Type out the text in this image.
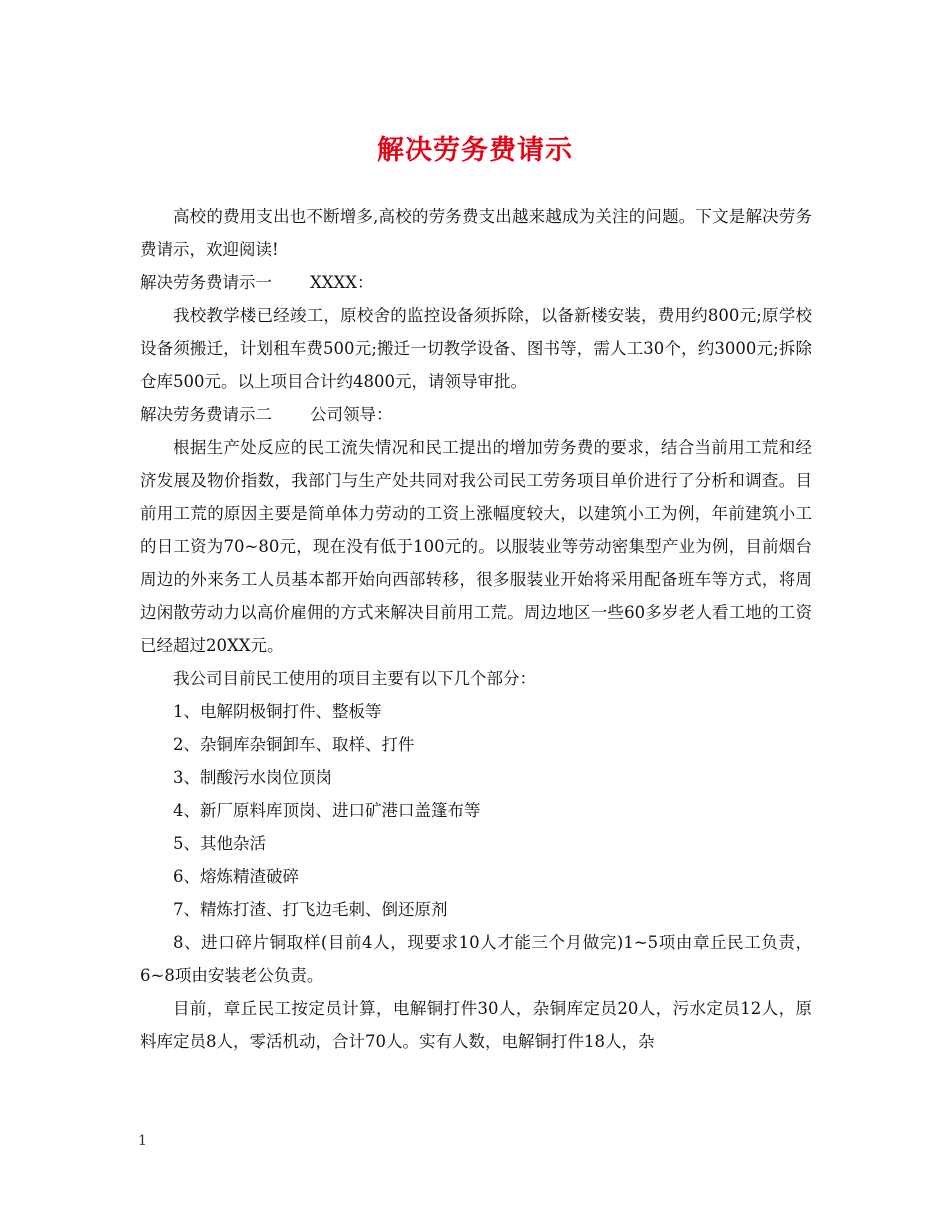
解决劳务费请示

高校的费用支出也不断增多,高校的劳务费支出越来越成为关注的问题。下文是解决劳务费请示，欢迎阅读!

解决劳务费请示一 XXXX：

我校教学楼已经竣工，原校舍的监控设备须拆除，以备新楼安装，费用约800元;原学校设备须搬迁，计划租车费500元;搬迁一切教学设备、图书等，需人工30个，约3000元;拆除仓库500元。以上项目合计约4800元，请领导审批。

解决劳务费请示二 公司领导：

根据生产处反应的民工流失情况和民工提出的增加劳务费的要求，结合当前用工荒和经济发展及物价指数，我部门与生产处共同对我公司民工劳务项目单价进行了分析和调查。目前用工荒的原因主要是简单体力劳动的工资上涨幅度较大，以建筑小工为例，年前建筑小工的日工资为70~80元，现在没有低于100元的。以服装业等劳动密集型产业为例，目前烟台周边的外来务工人员基本都开始向西部转移，很多服装业开始将采用配备班车等方式，将周边闲散劳动力以高价雇佣的方式来解决目前用工荒。周边地区一些60多岁老人看工地的工资已经超过20XX元。

我公司目前民工使用的项目主要有以下几个部分：

1、电解阴极铜打件、整板等

2、杂铜库杂铜卸车、取样、打件

3、制酸污水岗位顶岗

4、新厂原料库顶岗、进口矿港口盖篷布等

5、其他杂活

6、熔炼精渣破碎

7、精炼打渣、打飞边毛刺、倒还原剂

8、进口碎片铜取样(目前4人，现要求10人才能三个月做完)1~5项由章丘民工负责，6~8项由安装老公负责。

目前，章丘民工按定员计算，电解铜打件30人，杂铜库定员20人，污水定员12人，原料库定员8人，零活机动，合计70人。实有人数，电解铜打件18人，杂

1
